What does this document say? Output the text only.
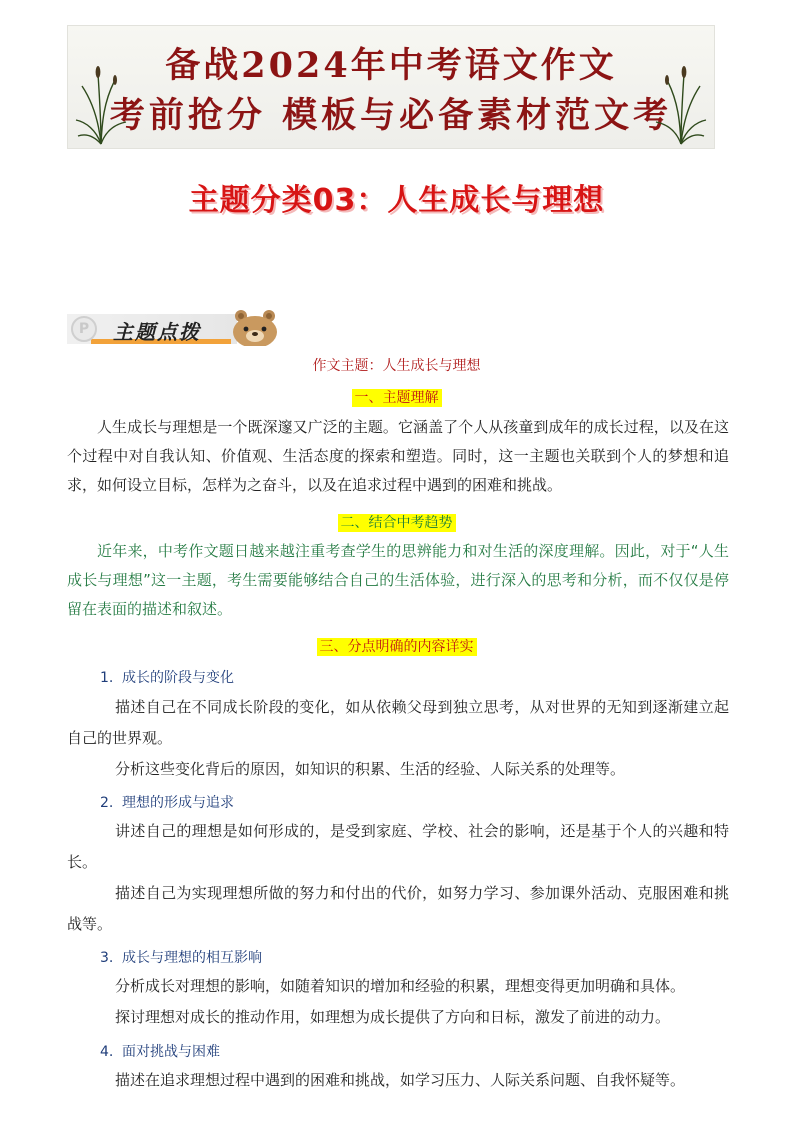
备战2024年中考语文作文
考前抢分 模板与必备素材范文考
主题分类03：人生成长与理想
P	主题点拨
作文主题：人生成长与理想
一、主题理解

人生成长与理想是一个既深邃又广泛的主题。它涵盖了个人从孩童到成年的成长过程，以及在这个过程中对自我认知、价值观、生活态度的探索和塑造。同时，这一主题也关联到个人的梦想和追求，如何设立目标，怎样为之奋斗，以及在追求过程中遇到的困难和挑战。

二、结合中考趋势

近年来，中考作文题日越来越注重考查学生的思辨能力和对生活的深度理解。因此，对于“人生成长与理想”这一主题，考生需要能够结合自己的生活体验，进行深入的思考和分析，而不仅仅是停留在表面的描述和叙述。

三、分点明确的内容详实
1. 成长的阶段与变化

描述自己在不同成长阶段的变化，如从依赖父母到独立思考，从对世界的无知到逐渐建立起自己的世界观。

分析这些变化背后的原因，如知识的积累、生活的经验、人际关系的处理等。

2. 理想的形成与追求

讲述自己的理想是如何形成的，是受到家庭、学校、社会的影响，还是基于个人的兴趣和特长。

描述自己为实现理想所做的努力和付出的代价，如努力学习、参加课外活动、克服困难和挑战等。

3. 成长与理想的相互影响

分析成长对理想的影响，如随着知识的增加和经验的积累，理想变得更加明确和具体。

探讨理想对成长的推动作用，如理想为成长提供了方向和日标，激发了前进的动力。

4. 面对挑战与困难

描述在追求理想过程中遇到的困难和挑战，如学习压力、人际关系问题、自我怀疑等。
